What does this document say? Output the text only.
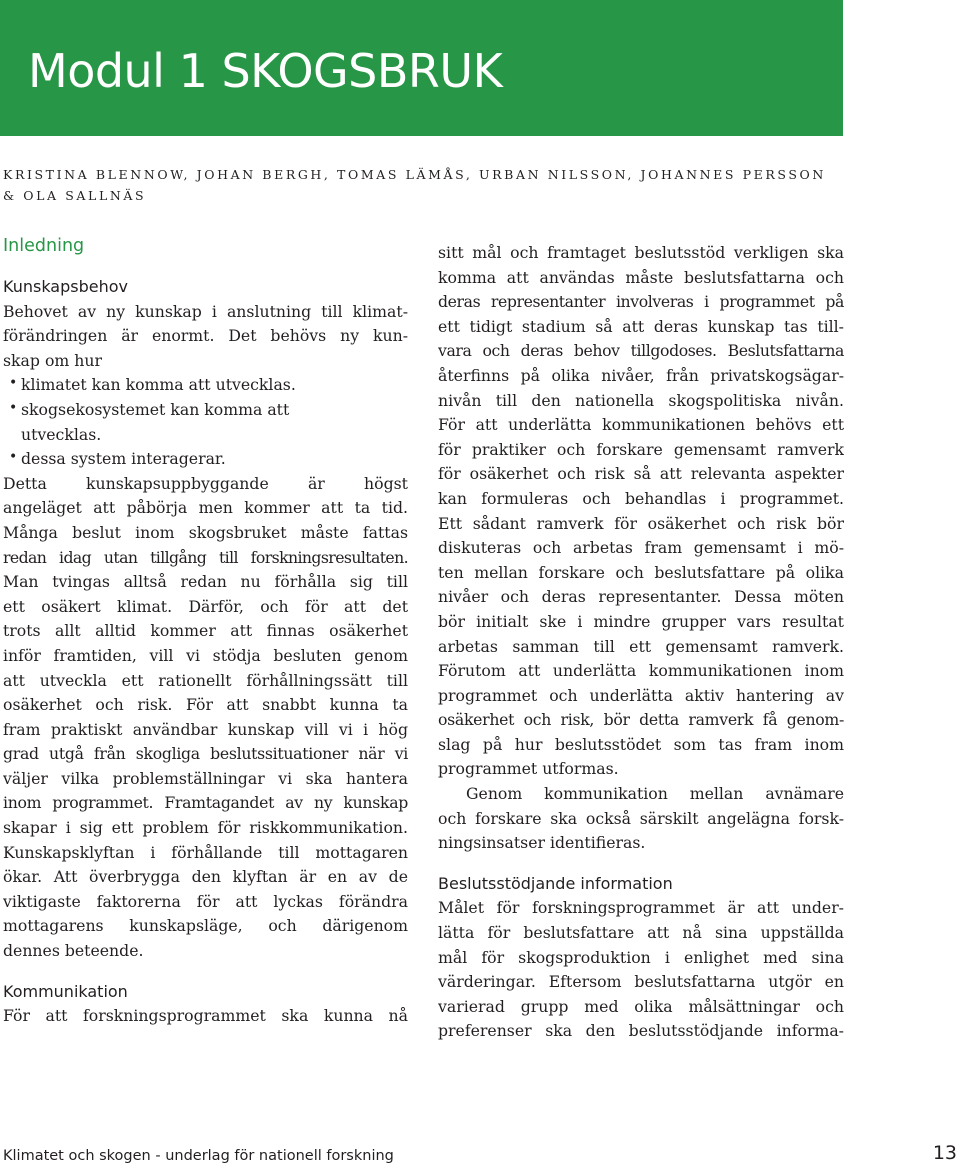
Modul 1 SKOGSBRUK
KRISTINA BLENNOW, JOHAN BERGH, TOMAS LÄMÅS, URBAN NILSSON, JOHANNES PERSSON
& OLA SALLNÄS
Inledning
Kunskapsbehov
Behovet av ny kunskap i anslutning till klimat-
förändringen är enormt. Det behövs ny kun-
skap om hur
• klimatet kan komma att utvecklas.
• skogsekosystemet kan komma att
utvecklas.
• dessa system interagerar.
Detta kunskapsuppbyggande är högst
angeläget att påbörja men kommer att ta tid.
Många beslut inom skogsbruket måste fattas
redan idag utan tillgång till forskningsresultaten.
Man tvingas alltså redan nu förhålla sig till
ett osäkert klimat. Därför, och för att det
trots allt alltid kommer att finnas osäkerhet
inför framtiden, vill vi stödja besluten genom
att utveckla ett rationellt förhållningssätt till
osäkerhet och risk. För att snabbt kunna ta
fram praktiskt användbar kunskap vill vi i hög
grad utgå från skogliga beslutssituationer när vi
väljer vilka problemställningar vi ska hantera
inom programmet. Framtagandet av ny kunskap
skapar i sig ett problem för riskkommunikation.
Kunskapsklyftan i förhållande till mottagaren
ökar. Att överbrygga den klyftan är en av de
viktigaste faktorerna för att lyckas förändra
mottagarens kunskapsläge, och därigenom
dennes beteende.
Kommunikation
För att forskningsprogrammet ska kunna nå
sitt mål och framtaget beslutsstöd verkligen ska
komma att användas måste beslutsfattarna och
deras representanter involveras i programmet på
ett tidigt stadium så att deras kunskap tas till-
vara och deras behov tillgodoses. Beslutsfattarna
återfinns på olika nivåer, från privatskogsägar-
nivån till den nationella skogspolitiska nivån.
För att underlätta kommunikationen behövs ett
för praktiker och forskare gemensamt ramverk
för osäkerhet och risk så att relevanta aspekter
kan formuleras och behandlas i programmet.
Ett sådant ramverk för osäkerhet och risk bör
diskuteras och arbetas fram gemensamt i mö-
ten mellan forskare och beslutsfattare på olika
nivåer och deras representanter. Dessa möten
bör initialt ske i mindre grupper vars resultat
arbetas samman till ett gemensamt ramverk.
Förutom att underlätta kommunikationen inom
programmet och underlätta aktiv hantering av
osäkerhet och risk, bör detta ramverk få genom-
slag på hur beslutsstödet som tas fram inom
programmet utformas.
Genom kommunikation mellan avnämare
och forskare ska också särskilt angelägna forsk-
ningsinsatser identifieras.
Beslutsstödjande information
Målet för forskningsprogrammet är att under-
lätta för beslutsfattare att nå sina uppställda
mål för skogsproduktion i enlighet med sina
värderingar. Eftersom beslutsfattarna utgör en
varierad grupp med olika målsättningar och
preferenser ska den beslutsstödjande informa-
Klimatet och skogen - underlag för nationell forskning	13
